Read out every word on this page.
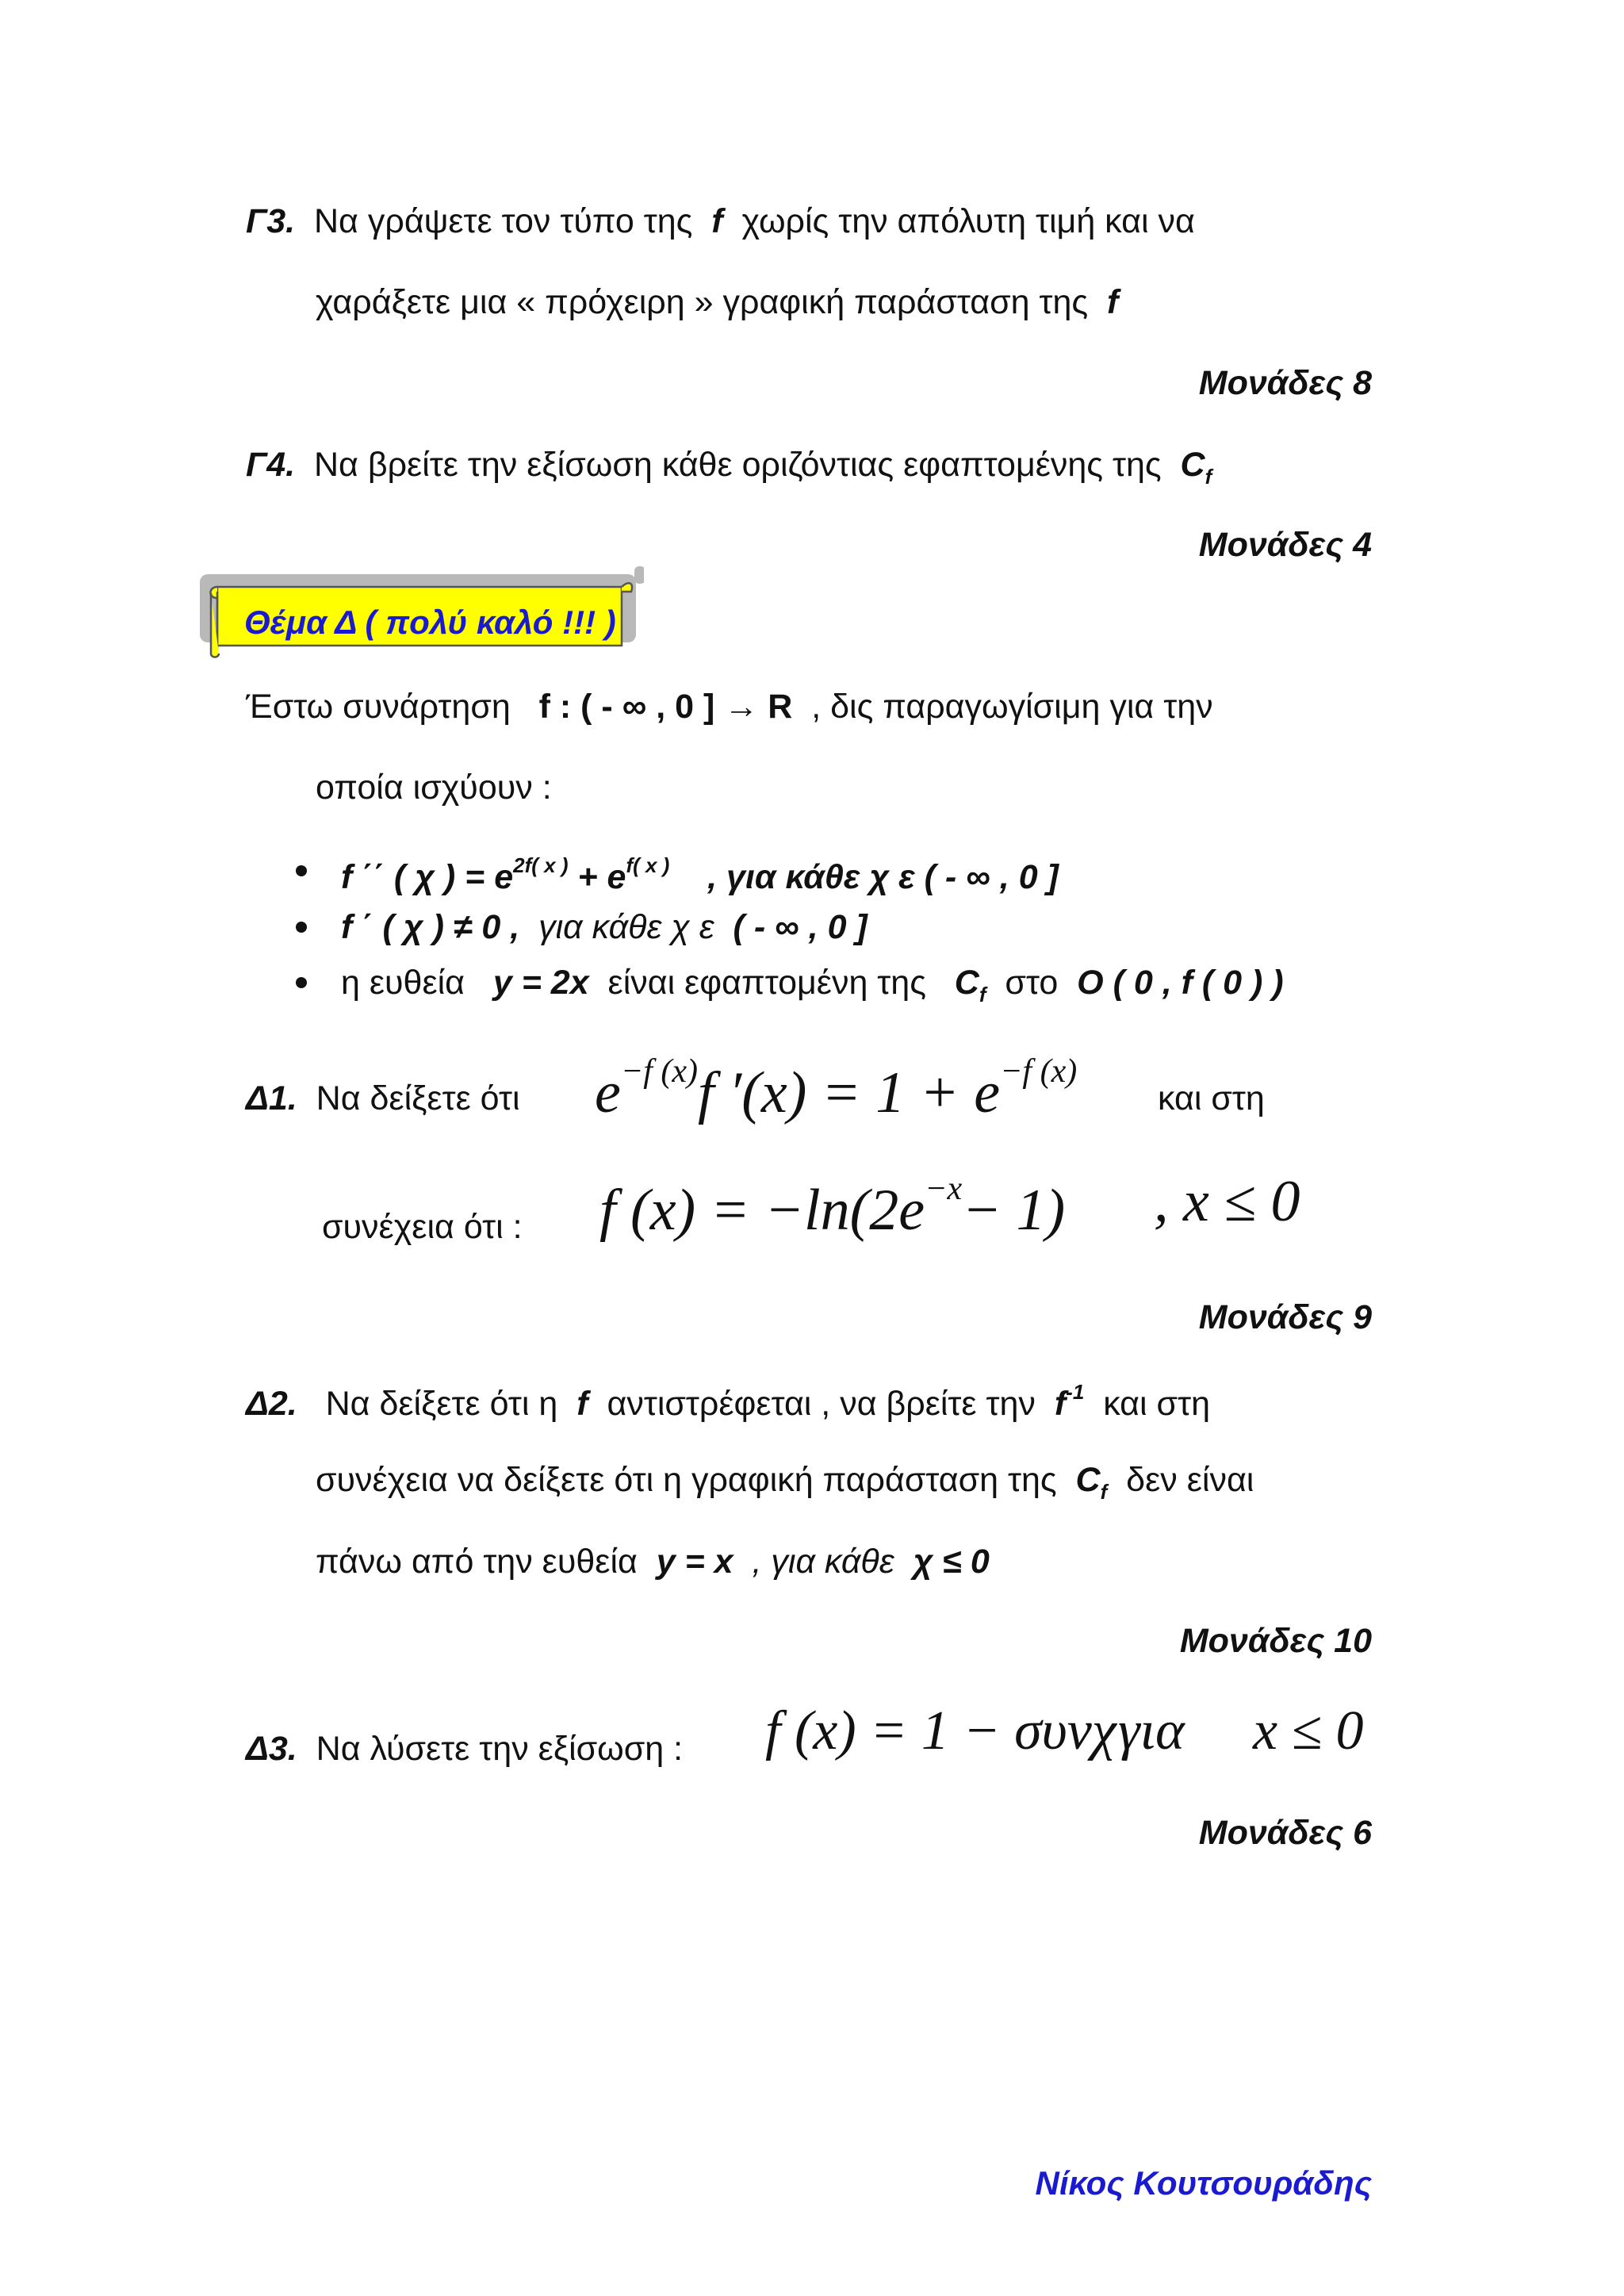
Γ3. Να γράψετε τον τύπο της f χωρίς την απόλυτη τιμή και να
χαράξετε μια « πρόχειρη » γραφική παράσταση της f
Μονάδες 8
Γ4. Να βρείτε την εξίσωση κάθε οριζόντιας εφαπτομένης της $C_f$
Μονάδες 4
Θέμα Δ ( πολύ καλό !!! )
Έστω συνάρτηση f : ( - ∞ , 0 ] → R , δις παραγωγίσιμη για την
οποία ισχύουν :
f ΄΄ ( χ ) = $e^{2f( x )} + e^{f( x )}$ , για κάθε χ ε ( - ∞ , 0 ]
f ΄ ( χ ) ≠ 0 , για κάθε χ ε ( - ∞ , 0 ]
η ευθεία y = 2x είναι εφαπτομένη της $C_f$ στο O ( 0 , f ( 0 ) )
Δ1. Να δείξετε ότι $e^{-f (x)}f$ $'(x) = 1 + e^{-f (x)}$
και στη
συνέχεια ότι : f $(x) = -\ln(2e^{-x}- 1)$ , x ≤ 0
Μονάδες 9
Δ2. Να δείξετε ότι η f αντιστρέφεται , να βρείτε την $f^{-1}$ και στη
συνέχεια να δείξετε ότι η γραφική παράσταση της $C_f$ δεν είναι
πάνω από την ευθεία y = x , για κάθε χ ≤ 0
Μονάδες 10
Δ3. Να λύσετε την εξίσωση : f (x) = 1 − συνχ για x ≤ 0
Μονάδες 6
Νίκος Κουτσουράδης
